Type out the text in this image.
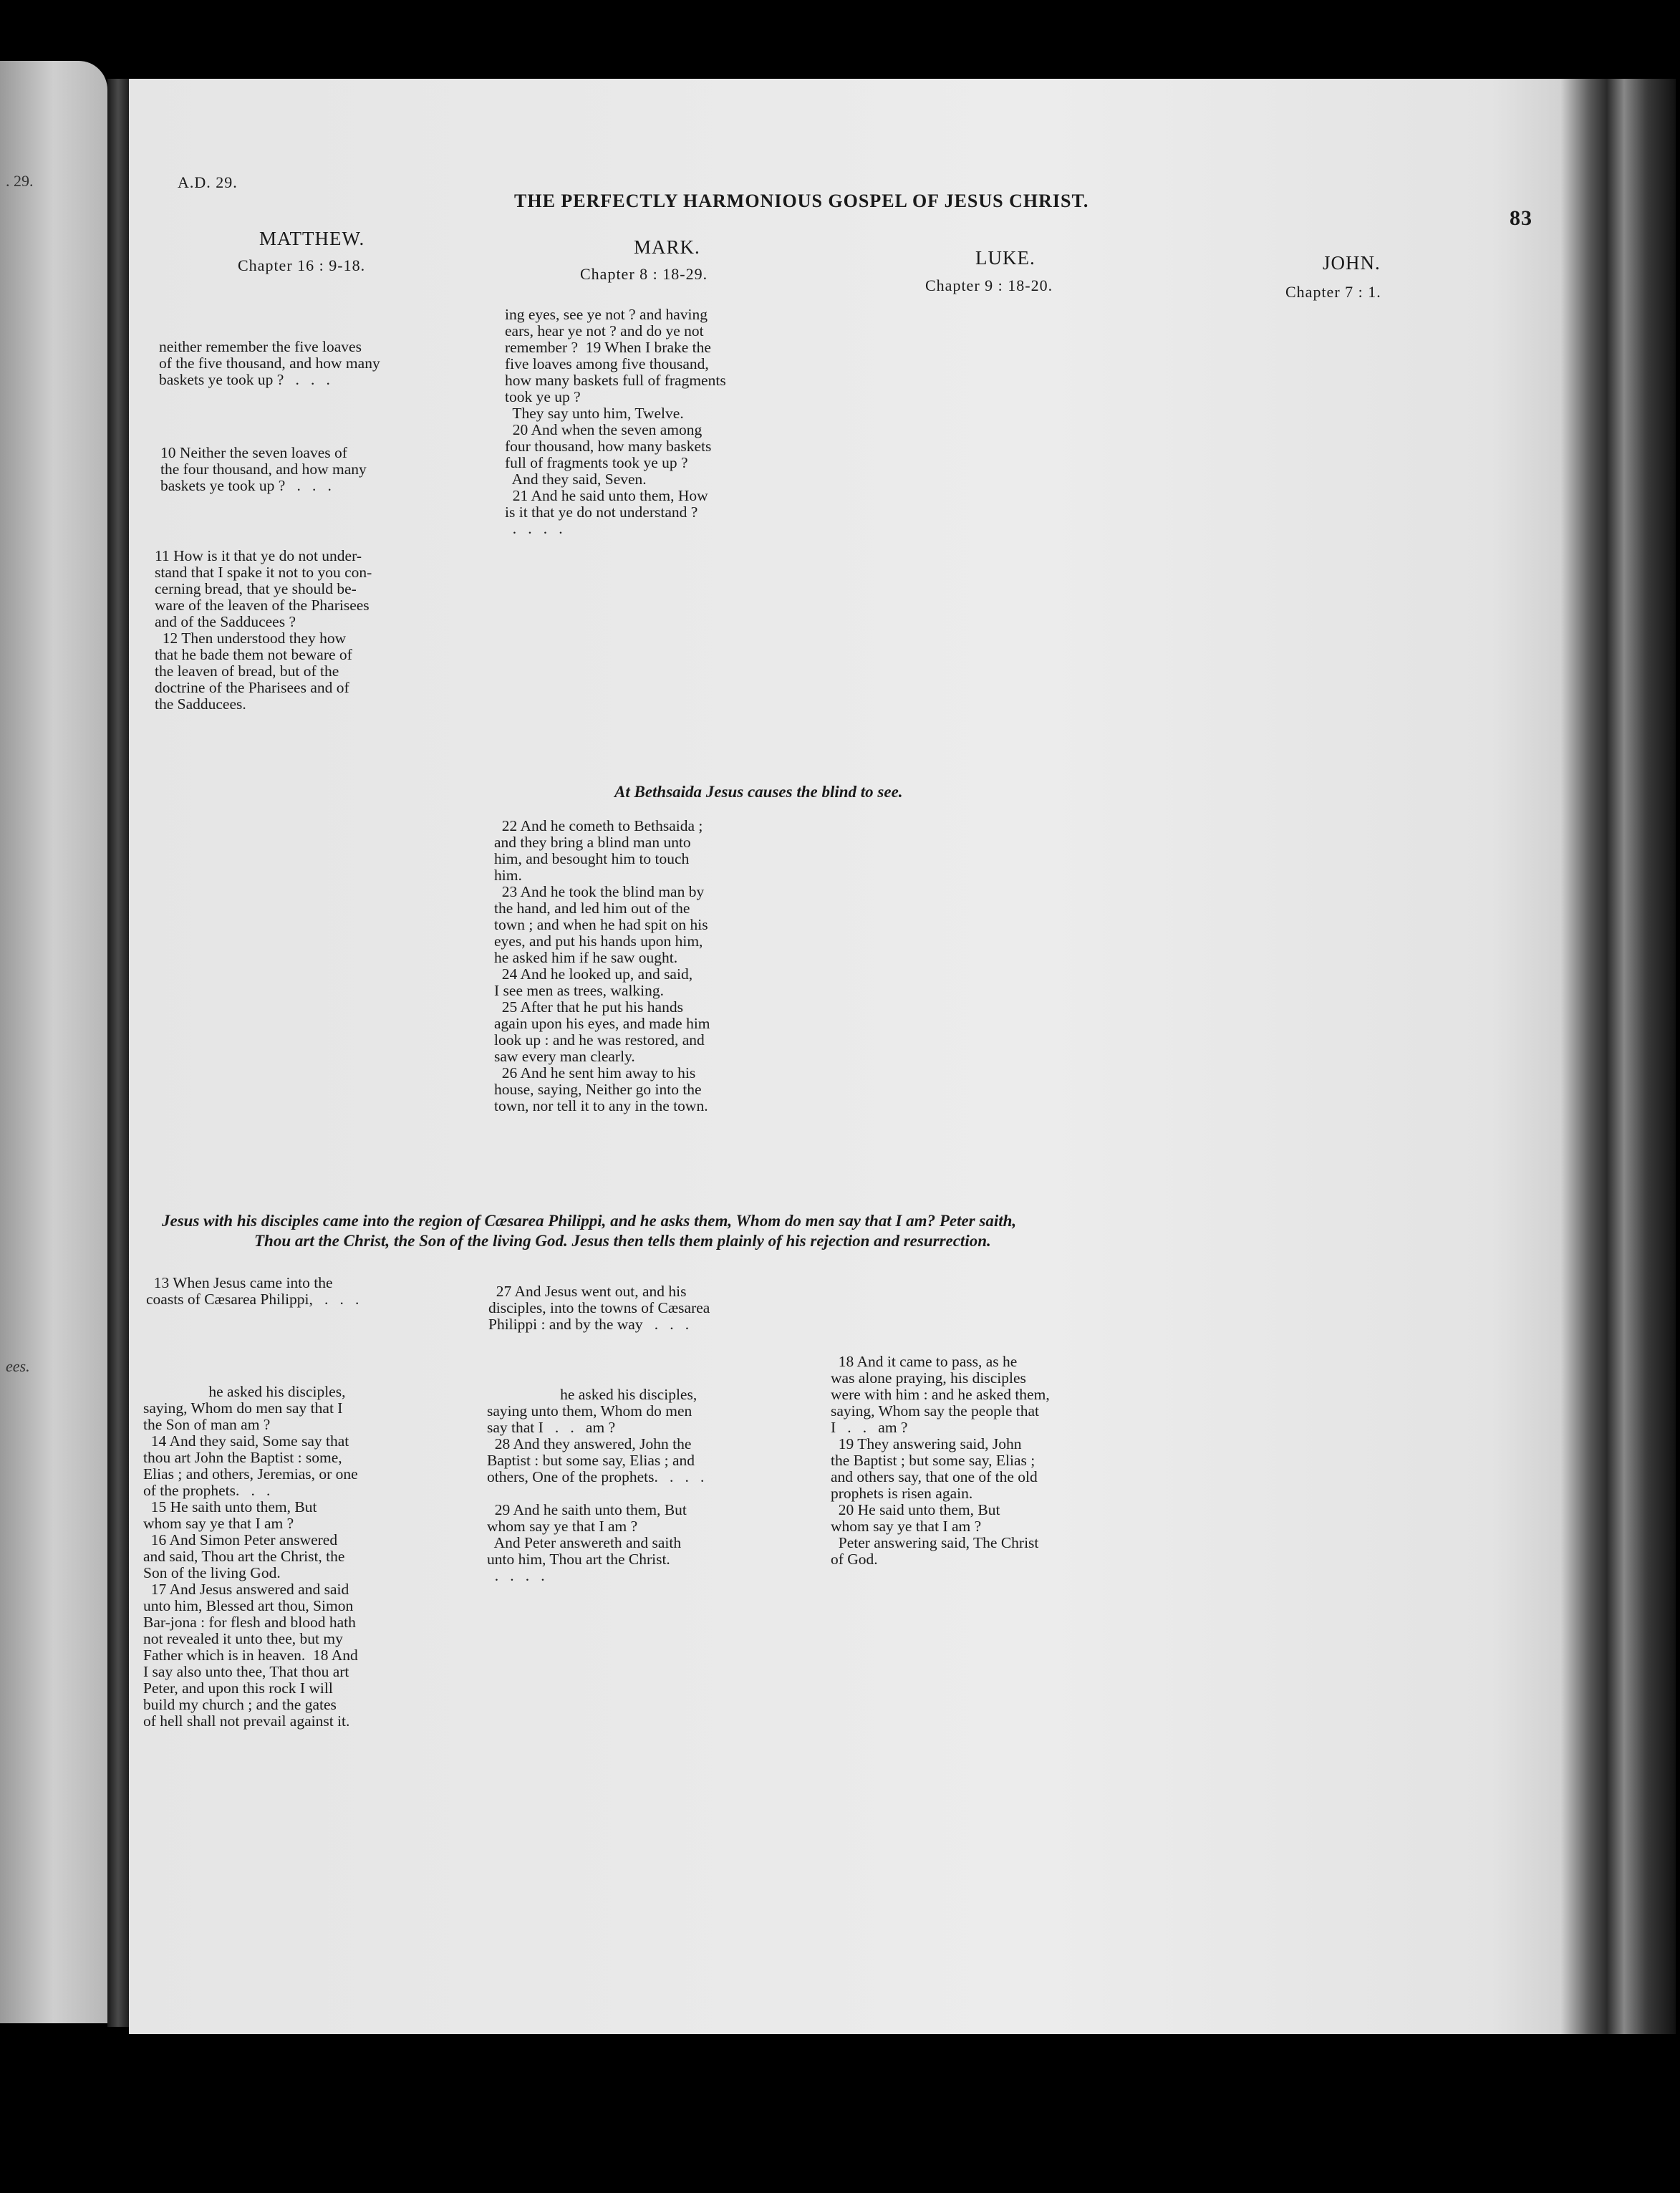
. 29.
ees.
A.D. 29.
THE PERFECTLY HARMONIOUS GOSPEL OF JESUS CHRIST.
83
MATTHEW.
Chapter 16 : 9-18.
MARK.
Chapter 8 : 18-29.
LUKE.
Chapter 9 : 18-20.
JOHN.
Chapter 7 : 1.
neither remember the five loaves
of the five thousand, and how many
baskets ye took up ?   .   .   .
10 Neither the seven loaves of
the four thousand, and how many
baskets ye took up ?   .   .   .
11 How is it that ye do not under-
stand that I spake it not to you con-
cerning bread, that ye should be-
ware of the leaven of the Pharisees
and of the Sadducees ?
12 Then understood they how
that he bade them not beware of
the leaven of bread, but of the
doctrine of the Pharisees and of
the Sadducees.
ing eyes, see ye not ? and having
ears, hear ye not ? and do ye not
remember ?  19 When I brake the
five loaves among five thousand,
how many baskets full of fragments
took ye up ?
They say unto him, Twelve.
20 And when the seven among
four thousand, how many baskets
full of fragments took ye up ?
And they said, Seven.
21 And he said unto them, How
is it that ye do not understand ?
.   .   .   .
At Bethsaida Jesus causes the blind to see.
22 And he cometh to Bethsaida ;
and they bring a blind man unto
him, and besought him to touch
him.
23 And he took the blind man by
the hand, and led him out of the
town ; and when he had spit on his
eyes, and put his hands upon him,
he asked him if he saw ought.
24 And he looked up, and said,
I see men as trees, walking.
25 After that he put his hands
again upon his eyes, and made him
look up : and he was restored, and
saw every man clearly.
26 And he sent him away to his
house, saying, Neither go into the
town, nor tell it to any in the town.
Jesus with his disciples came into the region of Cæsarea Philippi, and he asks them, Whom do men say that I am? Peter saith,
Thou art the Christ, the Son of the living God. Jesus then tells them plainly of his rejection and resurrection.
13 When Jesus came into the
coasts of Cæsarea Philippi,   .   .   .
he asked his disciples,
saying, Whom do men say that I
the Son of man am ?
14 And they said, Some say that
thou art John the Baptist : some,
Elias ; and others, Jeremias, or one
of the prophets.   .   .
15 He saith unto them, But
whom say ye that I am ?
16 And Simon Peter answered
and said, Thou art the Christ, the
Son of the living God.
17 And Jesus answered and said
unto him, Blessed art thou, Simon
Bar-jona : for flesh and blood hath
not revealed it unto thee, but my
Father which is in heaven.  18 And
I say also unto thee, That thou art
Peter, and upon this rock I will
build my church ; and the gates
of hell shall not prevail against it.
27 And Jesus went out, and his
disciples, into the towns of Cæsarea
Philippi : and by the way   .   .   .
he asked his disciples,
saying unto them, Whom do men
say that I   .   .   am ?
28 And they answered, John the
Baptist : but some say, Elias ; and
others, One of the prophets.   .   .   .

29 And he saith unto them, But
whom say ye that I am ?
And Peter answereth and saith
unto him, Thou art the Christ.
.   .   .   .
18 And it came to pass, as he
was alone praying, his disciples
were with him : and he asked them,
saying, Whom say the people that
I   .   .   am ?
19 They answering said, John
the Baptist ; but some say, Elias ;
and others say, that one of the old
prophets is risen again.
20 He said unto them, But
whom say ye that I am ?
Peter answering said, The Christ
of God.
